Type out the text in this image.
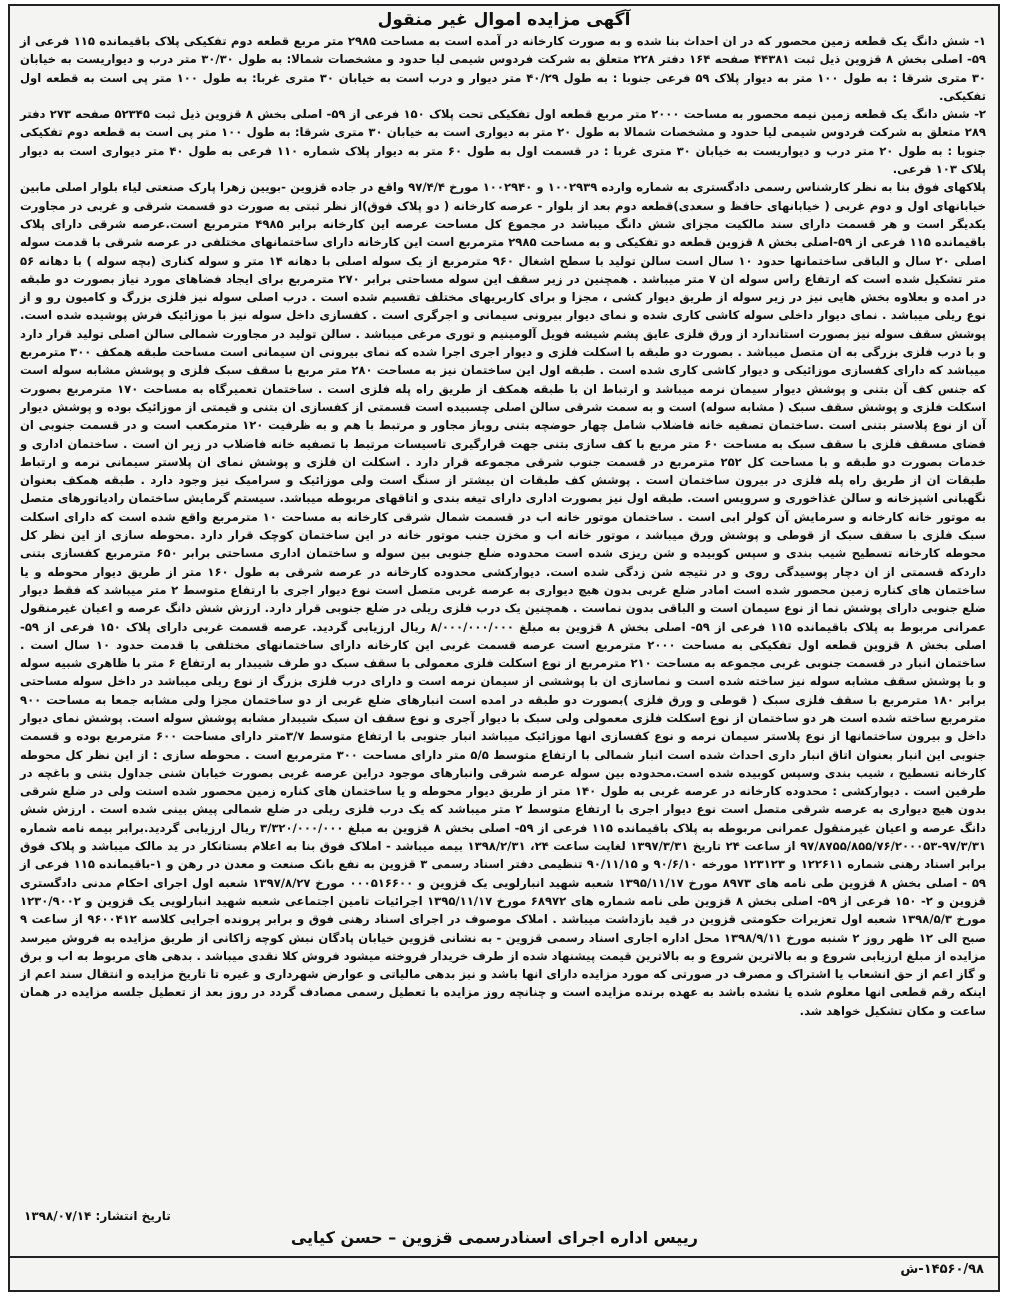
آگهی مزایده اموال غیر منقول

۱- شش دانگ یک قطعه زمین محصور که در ان احداث بنا شده و به صورت کارخانه در آمده است به مساحت ۲۹۸۵ متر مربع قطعه دوم تفکیکی پلاک باقیمانده ۱۱۵ فرعی از ۵۹- اصلی بخش ۸ قزوین ذیل ثبت ۴۴۳۸۱ صفحه ۱۶۴ دفتر ۲۲۸ متعلق به شرکت فردوس شیمی لیا حدود و مشخصات شمالا: به طول ۳۰/۳۰ متر درب و دیواریست به خیابان ۳۰ متری شرقا : به طول ۱۰۰ متر به دیوار پلاک ۵۹ فرعی جنوبا : به طول ۴۰/۲۹ متر دیوار و درب است به خیابان ۳۰ متری غربا: به طول ۱۰۰ متر پی است به قطعه اول تفکیکی.

۲- شش دانگ یک قطعه زمین نیمه محصور به مساحت ۲۰۰۰ متر مربع قطعه اول تفکیکی تحت پلاک ۱۵۰ فرعی از ۵۹- اصلی بخش ۸ قزوین ذیل ثبت ۵۲۳۴۵ صفحه ۲۷۳ دفتر ۲۸۹ متعلق به شرکت فردوس شیمی لیا حدود و مشخصات شمالا به طول ۲۰ متر به دیواری است به خیابان ۳۰ متری شرقا: به طول ۱۰۰ متر پی است به قطعه دوم تفکیکی جنوبا : به طول ۲۰ متر درب و دیواریست به خیابان ۳۰ متری غربا : در قسمت اول به طول ۶۰ متر به دیوار پلاک شماره ۱۱۰ فرعی به طول ۴۰ متر دیواری است به دیوار پلاک ۱۰۳ فرعی.

پلاکهای فوق بنا به نظر کارشناس رسمی دادگستری به شماره وارده ۱۰۰۲۹۳۹ و ۱۰۰۲۹۴۰ مورخ ۹۷/۴/۴ واقع در جاده قزوین -بویین زهرا پارک صنعتی لیاء بلوار اصلی مابین خیابانهای اول و دوم غربی ( خیابانهای حافظ و سعدی)قطعه دوم بعد از بلوار - عرصه کارخانه ( دو پلاک فوق)از نظر ثبتی به صورت دو قسمت شرقی و غربی در مجاورت یکدیگر است و هر قسمت دارای سند مالکیت مجزای شش دانگ میباشد در مجموع کل مساحت عرصه این کارخانه برابر ۴۹۸۵ مترمربع است.عرصه شرقی دارای پلاک باقیمانده ۱۱۵ فرعی از ۵۹-اصلی بخش ۸ قزوین قطعه دو تفکیکی و به مساحت ۲۹۸۵ مترمربع است این کارخانه دارای ساختمانهای مختلفی در عرصه شرقی با قدمت سوله اصلی ۲۰ سال و الباقی ساختمانها حدود ۱۰ سال است سالن تولید با سطح اشغال ۹۶۰ مترمربع از یک سوله اصلی با دهانه ۱۴ متر و سوله کناری (بچه سوله ) با دهانه ۵۶ متر تشکیل شده است که ارتفاع راس سوله ان ۷ متر میباشد . همچنین در زیر سقف این سوله مساحتی برابر ۲۷۰ مترمربع برای ایجاد فضاهای مورد نیاز بصورت دو طبقه در امده و بعلاوه بخش هایی نیز در زیر سوله از طریق دیوار کشی ، مجزا و برای کاربریهای مختلف تقسیم شده است . درب اصلی سوله نیز فلزی بزرگ و کامیون رو و از نوع ریلی میباشد . نمای دیوار داخلی سوله کاشی کاری شده و نمای دیوار بیرونی سیمانی و اجرگری است . کفسازی داخل سوله نیز با موزائیک فرش پوشیده شده است. پوشش سقف سوله نیز بصورت استاندارد از ورق فلزی عایق پشم شیشه فویل آلومینیم و توری مرغی میباشد . سالن تولید در مجاورت شمالی سالن اصلی تولید قرار دارد و با درب فلزی بزرگی به ان متصل میباشد . بصورت دو طبقه با اسکلت فلزی و دیوار اجری اجرا شده که نمای بیرونی ان سیمانی است مساحت طبقه همکف ۳۰۰ مترمربع میباشد که دارای کفسازی موزائیکی و دیوار کاشی کاری شده است . طبقه اول این ساختمان نیز به مساحت ۲۸۰ متر مربع با سقف سبک فلزی و پوشش مشابه سوله است که جنس کف آن بتنی و پوشش دیوار سیمان نرمه میباشد و ارتباط ان با طبقه همکف از طریق راه پله فلزی است . ساختمان تعمیرگاه به مساحت ۱۷۰ مترمربع بصورت اسکلت فلزی و پوشش سقف سبک ( مشابه سوله) است و به سمت شرقی سالن اصلی چسبیده است قسمتی از کفسازی ان بتنی و قیمتی از موزائیک بوده و پوشش دیوار آن از نوع پلاستر بتنی است .ساختمان تصفیه خانه فاضلاب شامل چهار حوضچه بتنی روباز مجاور و مرتبط با هم و به ظرفیت ۱۲۰ مترمکعب است و در قسمت جنوبی ان فضای مسقف فلزی با سقف سبک به مساحت ۶۰ متر مربع با کف سازی بتنی جهت قرارگیری تاسیسات مرتبط با تصفیه خانه فاضلاب در زیر ان است . ساختمان اداری و خدمات بصورت دو طبقه و با مساحت کل ۲۵۲ مترمربع در قسمت جنوب شرقی مجموعه قرار دارد . اسکلت ان فلزی و پوشش نمای ان پلاستر سیمانی نرمه و ارتباط طبقات ان از طریق راه پله فلزی در بیرون ساختمان است . پوشش کف طبقات ان بیشتر از سنگ است ولی موزائیک و سرامیک نیز وجود دارد . طبقه همکف بعنوان نگهبانی اشپزخانه و سالن غذاخوری و سرویس است. طبقه اول نیز بصورت اداری دارای تیغه بندی و اتاقهای مربوطه میباشد. سیستم گرمایش ساختمان رادیاتورهای متصل به موتور خانه کارخانه و سرمایش آن کولر ابی است . ساختمان موتور خانه اب در قسمت شمال شرقی کارخانه به مساحت ۱۰ مترمربع واقع شده است که دارای اسکلت سبک فلزی با سقف سبک از قوطی و پوشش ورق میباشد ، موتور خانه اب و مخزن جنب موتور خانه در این ساختمان کوچک قرار دارد .محوطه سازی از این نظر کل محوطه کارخانه تسطیح شیب بندی و سپس کوبیده و شن ریزی شده است محدوده ضلع جنوبی بین سوله و ساختمان اداری مساحتی برابر ۶۵۰ مترمربع کفسازی بتنی داردکه قسمتی از ان دچار پوسیدگی روی و در نتیجه شن زدگی شده است. دیوارکشی محدوده کارخانه در عرصه شرقی به طول ۱۶۰ متر از طریق دیوار محوطه و یا ساختمان های کناره زمین محصور شده است امادر ضلع غربی بدون هیچ دیواری به عرصه غربی متصل است نوع دیوار اجری با ارتفاع متوسط ۲ متر میباشد که فقط دیوار ضلع جنوبی دارای پوشش نما از نوع سیمان است و الباقی بدون نماست . همچنین یک درب فلزی ریلی در ضلع جنوبی قرار دارد. ارزش شش دانگ عرصه و اعیان غیرمنقول عمرانی مربوط به پلاک باقیمانده ۱۱۵ فرعی از ۵۹- اصلی بخش ۸ قزوین به مبلغ ۸/۰۰۰/۰۰۰/۰۰۰ ریال ارزیابی گردید. عرصه قسمت غربی دارای پلاک ۱۵۰ فرعی از ۵۹- اصلی بخش ۸ قزوین قطعه اول تفکیکی به مساحت ۲۰۰۰ مترمربع است عرصه قسمت غربی این کارخانه دارای ساختمانهای مختلفی با قدمت حدود ۱۰ سال است . ساختمان انبار در قسمت جنوبی غربی مجموعه به مساحت ۲۱۰ مترمربع از نوع اسکلت فلزی معمولی با سقف سبک دو طرف شیبدار به ارتفاع ۶ متر با ظاهری شبیه سوله و با پوشش سقف مشابه سوله نیز ساخته شده است و نماسازی ان با پوششی از سیمان نرمه است و دارای درب فلزی بزرگ از نوع ریلی میباشد در داخل سوله مساحتی برابر ۱۸۰ مترمربع با سقف فلزی سبک ( قوطی و ورق فلزی )بصورت دو طبقه در امده است انبارهای ضلع غربی از دو ساختمان مجزا ولی مشابه جمعا به مساحت ۹۰۰ مترمربع ساخته شده است هر دو ساختمان از نوع اسکلت فلزی معمولی ولی سبک با دیوار آجری و نوع سقف ان سبک شیبدار مشابه پوشش سوله است. پوشش نمای دیوار داخل و بیرون ساختمانها از نوع پلاستر سیمان نرمه و نوع کفسازی انها موزائیک میباشد انبار جنوبی با ارتفاع متوسط ۳/۷متر دارای مساحت ۶۰۰ مترمربع بوده و قسمت جنوبی این انبار بعنوان اتاق انبار داری احداث شده است انبار شمالی با ارتفاع متوسط ۵/۵ متر دارای مساحت ۳۰۰ مترمربع است . محوطه سازی : از این نظر کل محوطه کارخانه تسطیح ، شیب بندی وسپس کوبیده شده است.محدوده بین سوله عرصه شرقی وانبارهای موجود دراین عرصه غربی بصورت خیابان شنی جداول بتنی و باغچه در طرفین است . دیوارکشی : محدوده کارخانه در عرصه غربی به طول ۱۴۰ متر از طریق دیوار محوطه و یا ساختمان های کناره زمین محصور شده استت ولی در ضلع شرقی بدون هیچ دیواری به عرصه شرقی متصل است نوع دیوار اجری با ارتفاع متوسط ۲ متر میباشد که یک درب فلزی ریلی در ضلع شمالی پیش بینی شده است . ارزش شش دانگ عرصه و اعیان غیرمنقول عمرانی مربوطه به پلاک باقیمانده ۱۱۵ فرعی از ۵۹- اصلی بخش ۸ قزوین به مبلغ ۳/۳۲۰/۰۰۰/۰۰۰ ریال ارزیابی گردید.برابر بیمه نامه شماره ۹۷/۳/۳۱-۹۷/۸۷۵۵/۸۵۵/۷۶/۲۰۰۰۵۳ از ساعت ۲۴ تاریخ ۱۳۹۷/۳/۳۱ لغایت ساعت ۲۴، ۱۳۹۸/۲/۳۱ بیمه میباشد - املاک فوق بنا به اعلام بستانکار در ید مالک میباشد و پلاک فوق برابر اسناد رهنی شماره ۱۲۲۶۱۱ و ۱۲۳۱۲۳ مورخه ۹۰/۶/۱۰ و ۹۰/۱۱/۱۵ تنظیمی دفتر اسناد رسمی ۳ قزوین به نفع بانک صنعت و معدن در رهن و ۱-باقیمانده ۱۱۵ فرعی از ۵۹ - اصلی بخش ۸ قزوین طی نامه های ۸۹۷۳ مورخ ۱۳۹۵/۱۱/۱۷ شعبه شهید انبارلویی یک قزوین و ۰۰۰۵۱۶۶۰۰ مورخ ۱۳۹۷/۸/۲۷ شعبه اول اجرای احکام مدنی دادگستری قزوین و ۲- ۱۵۰ فرعی از ۵۹- اصلی بخش ۸ قزوین طی نامه شماره های ۶۸۹۷۲ مورخ ۱۳۹۵/۱۱/۱۷ اجرائیات تامین اجتماعی شعبه شهید انبارلویی یک قزوین و ۱۲۳۰/۹۰۰۲ مورخ ۱۳۹۸/۵/۳ شعبه اول تعزیرات حکومتی قزوین در قید بازداشت میباشد . املاک موصوف در اجرای اسناد رهنی فوق و برابر پرونده اجرایی کلاسه ۹۶۰۰۴۱۲ از ساعت ۹ صبح الی ۱۲ ظهر روز ۲ شنبه مورخ ۱۳۹۸/۹/۱۱ محل اداره اجاری اسناد رسمی قزوین - به نشانی قزوین خیابان پادگان نبش کوچه زاکانی از طریق مزایده به فروش میرسد مزایده از مبلغ ارزیابی شروع و به بالاترین شروع و به بالاترین قیمت پیشنهاد شده از طرف خریدار فروخته میشود فروش کلا نقدی میباشد . بدهی های مربوط به اب و برق و گاز اعم از حق انشعاب یا اشتراک و مصرف در صورتی که مورد مزایده دارای انها باشد و نیز بدهی مالیاتی و عوارض شهرداری و غیره تا تاریخ مزایده و انتقال سند اعم از اینکه رقم قطعی انها معلوم شده یا نشده باشد به عهده برنده مزایده است و چنانچه روز مزایده با تعطیل رسمی مصادف گردد در روز بعد از تعطیل جلسه مزایده در همان ساعت و مکان تشکیل خواهد شد.

تاریخ انتشار: ۱۳۹۸/۰۷/۱۴
رییس اداره اجرای اسنادرسمی قزوین – حسن کیایی
۱۴۵۶۰/۹۸-ش
